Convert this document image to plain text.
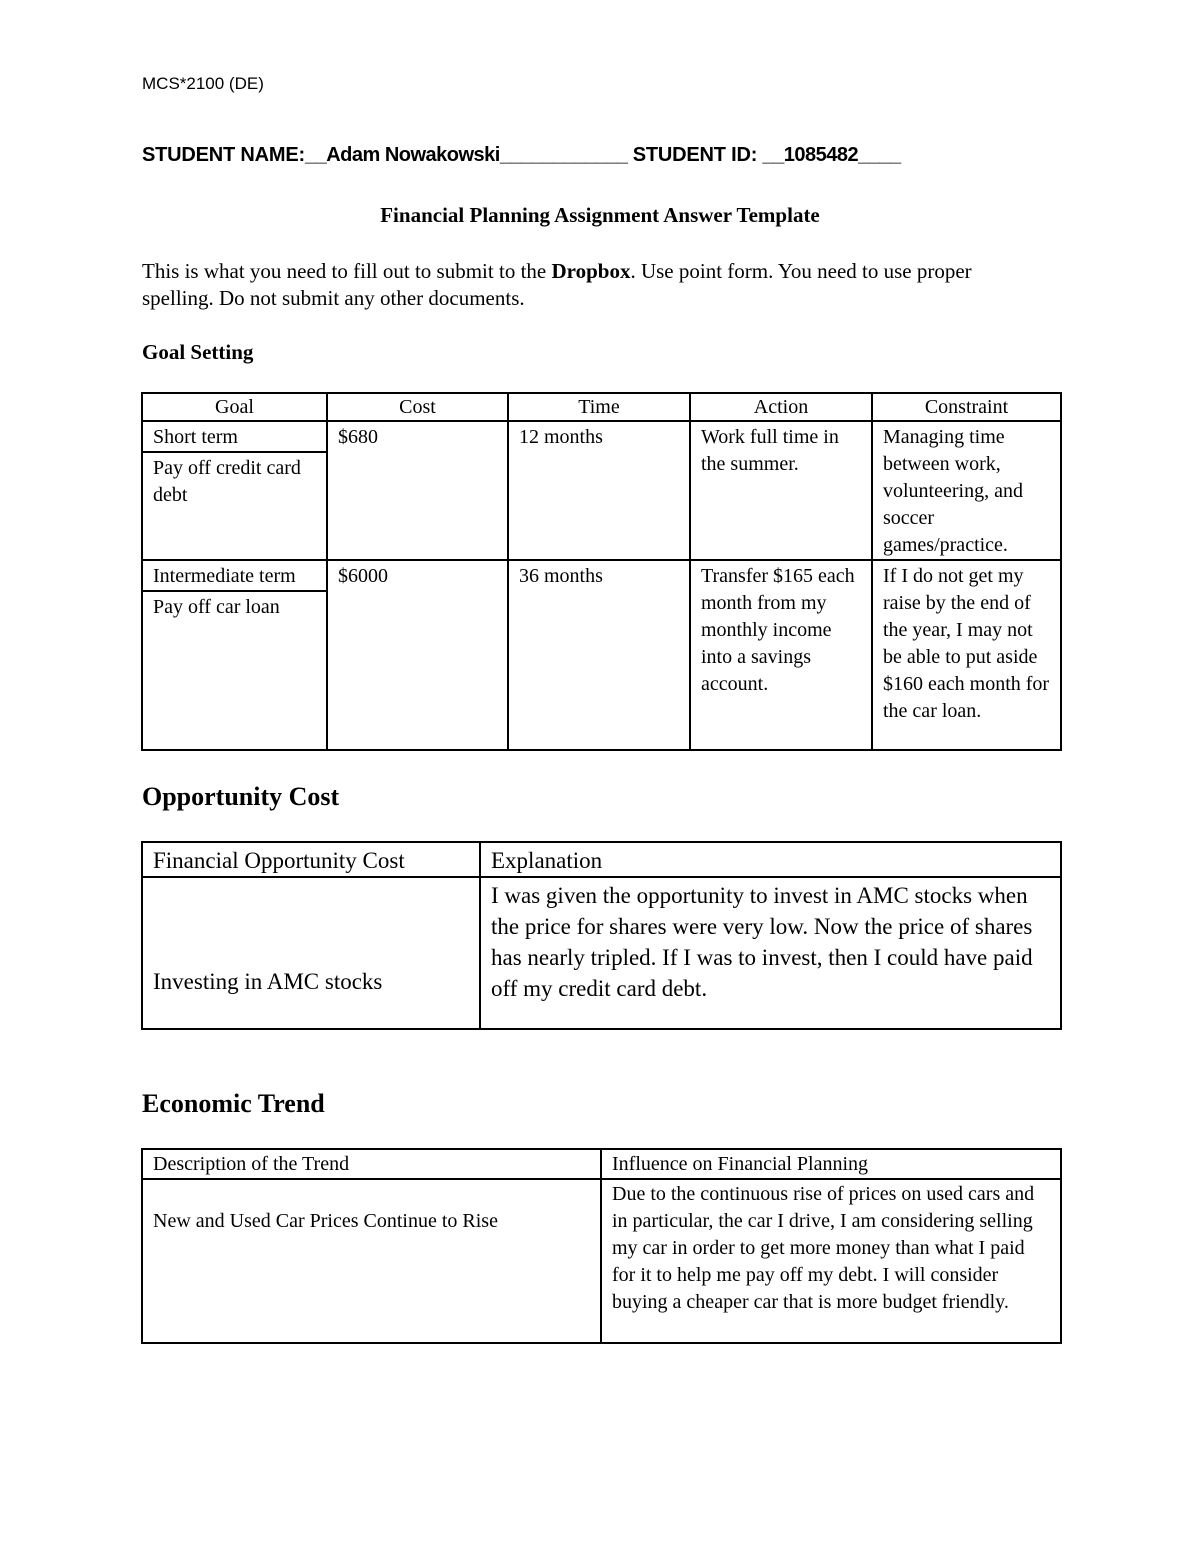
MCS*2100 (DE)
STUDENT NAME:__Adam Nowakowski____________ STUDENT ID: __1085482____
Financial Planning Assignment Answer Template
This is what you need to fill out to submit to the Dropbox. Use point form. You need to use proper spelling. Do not submit any other documents.
Goal Setting
Goal	Cost	Time	Action	Constraint

Short term
Pay off credit card debt	$680	12 months	Work full time in the summer.	Managing time between work, volunteering, and soccer games/practice.

Intermediate term
Pay off car loan	$6000	36 months	Transfer $165 each month from my monthly income into a savings account.	If I do not get my raise by the end of the year, I may not be able to put aside $160 each month for the car loan.
Opportunity Cost
Financial Opportunity Cost	Explanation
Investing in AMC stocks	I was given the opportunity to invest in AMC stocks when the price for shares were very low. Now the price of shares has nearly tripled. If I was to invest, then I could have paid off my credit card debt.
Economic Trend
Description of the Trend	Influence on Financial Planning
New and Used Car Prices Continue to Rise	Due to the continuous rise of prices on used cars and in particular, the car I drive, I am considering selling my car in order to get more money than what I paid for it to help me pay off my debt. I will consider buying a cheaper car that is more budget friendly.
